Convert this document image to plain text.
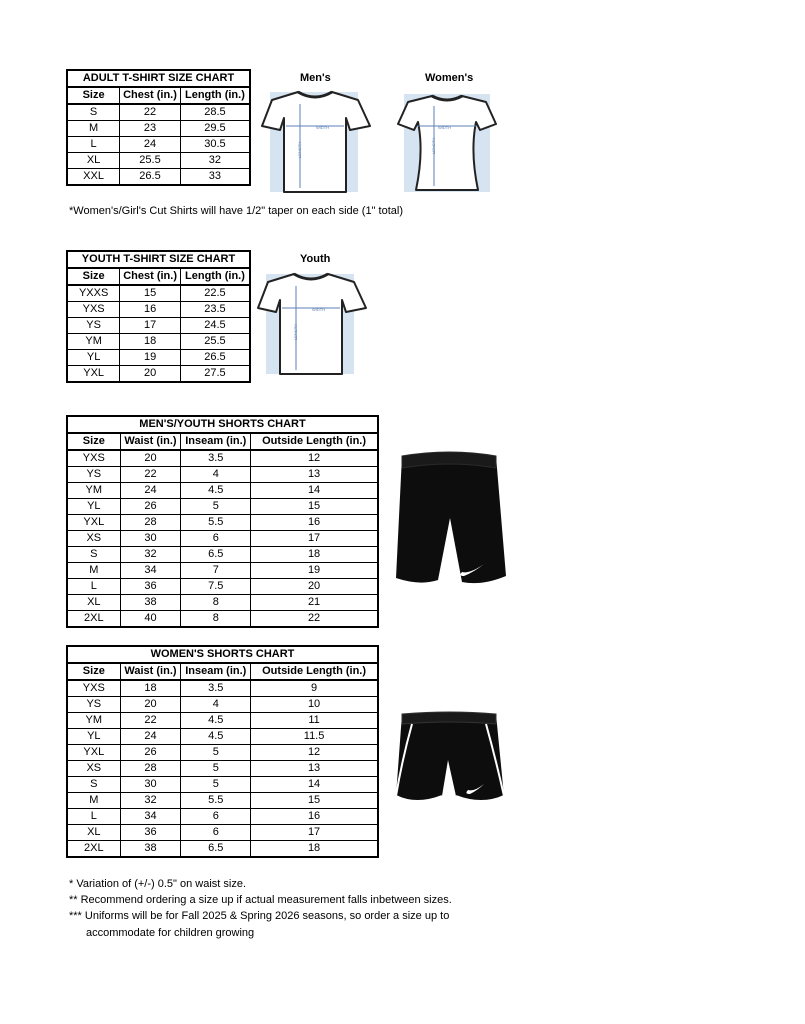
ADULT T-SHIRT SIZE CHART		
Size	Chest (in.)	Length (in.)
S	22	28.5
M	23	29.5
L	24	30.5
XL	25.5	32
XXL	26.5	33
Men's	Women's
WIDTH
LENGTH
WIDTH
LENGTH
*Women's/Girl's Cut Shirts will have 1/2" taper on each side (1" total)
YOUTH T-SHIRT SIZE CHART		
Size	Chest (in.)	Length (in.)
YXXS	15	22.5
YXS	16	23.5
YS	17	24.5
YM	18	25.5
YL	19	26.5
YXL	20	27.5
Youth
WIDTH
LENGTH
MEN'S/YOUTH SHORTS CHART			
Size	Waist (in.)	Inseam (in.)	Outside Length (in.)
YXS	20	3.5	12
YS	22	4	13
YM	24	4.5	14
YL	26	5	15
YXL	28	5.5	16
XS	30	6	17
S	32	6.5	18
M	34	7	19
L	36	7.5	20
XL	38	8	21
2XL	40	8	22
WOMEN'S SHORTS CHART			
Size	Waist (in.)	Inseam (in.)	Outside Length (in.)
YXS	18	3.5	9
YS	20	4	10
YM	22	4.5	11
YL	24	4.5	11.5
YXL	26	5	12
XS	28	5	13
S	30	5	14
M	32	5.5	15
L	34	6	16
XL	36	6	17
2XL	38	6.5	18
* Variation of (+/-) 0.5" on waist size.
** Recommend ordering a size up if actual measurement falls inbetween sizes.
*** Uniforms will be for Fall 2025 & Spring 2026 seasons, so order a size up to
accommodate for children growing
